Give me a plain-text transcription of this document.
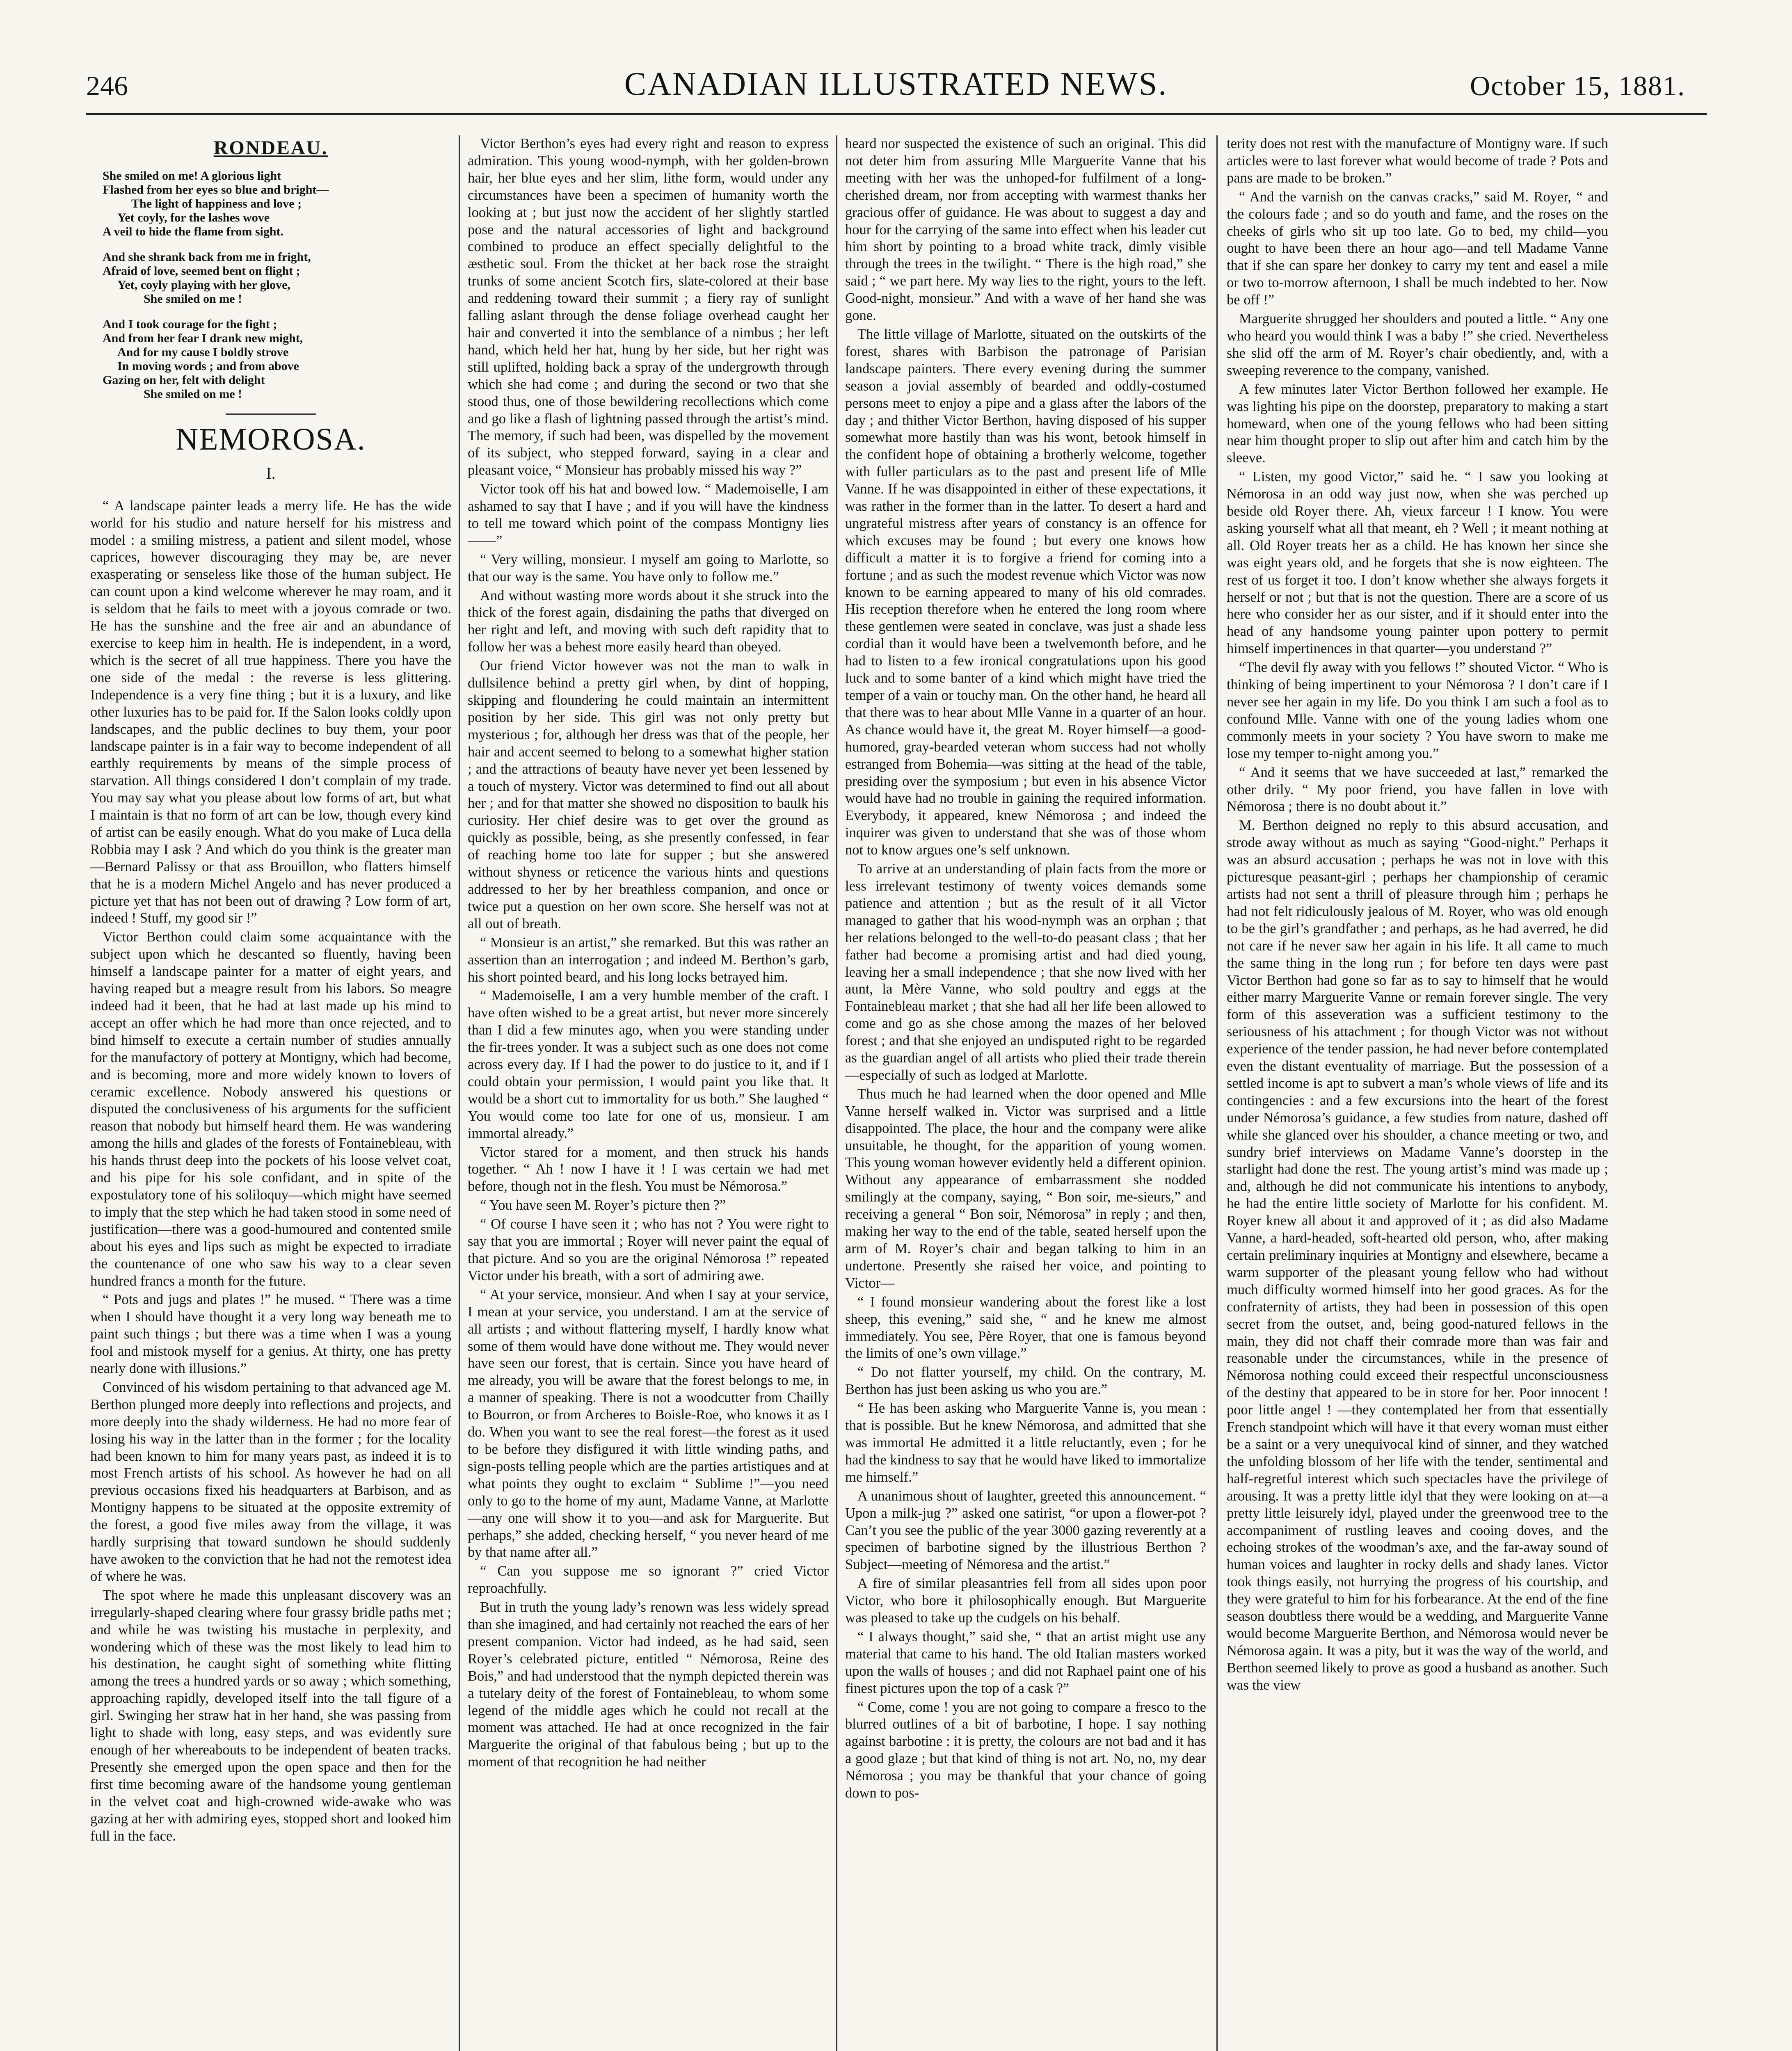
246	CANADIAN ILLUSTRATED NEWS.	October 15, 1881.
RONDEAU.
She smiled on me! A glorious light
Flashed from her eyes so blue and bright—
The light of happiness and love ;
Yet coyly, for the lashes wove
A veil to hide the flame from sight.
And she shrank back from me in fright,
Afraid of love, seemed bent on flight ;
Yet, coyly playing with her glove,
She smiled on me !
And I took courage for the fight ;
And from her fear I drank new might,
And for my cause I boldly strove
In moving words ; and from above
Gazing on her, felt with delight
She smiled on me !
NEMOROSA.
I.

“ A landscape painter leads a merry life. He has the wide world for his studio and nature herself for his mistress and model : a smiling mistress, a patient and silent model, whose caprices, however discouraging they may be, are never exasperating or senseless like those of the human subject. He can count upon a kind welcome wherever he may roam, and it is seldom that he fails to meet with a joyous comrade or two. He has the sunshine and the free air and an abundance of exercise to keep him in health. He is independent, in a word, which is the secret of all true happiness. There you have the one side of the medal : the reverse is less glittering. Independence is a very fine thing ; but it is a luxury, and like other luxuries has to be paid for. If the Salon looks coldly upon landscapes, and the public declines to buy them, your poor landscape painter is in a fair way to become independent of all earthly requirements by means of the simple process of starvation. All things considered I don’t complain of my trade. You may say what you please about low forms of art, but what I maintain is that no form of art can be low, though every kind of artist can be easily enough. What do you make of Luca della Robbia may I ask ? And which do you think is the greater man—Bernard Palissy or that ass Brouillon, who flatters himself that he is a modern Michel Angelo and has never produced a picture yet that has not been out of drawing ? Low form of art, indeed ! Stuff, my good sir !”

Victor Berthon could claim some acquaintance with the subject upon which he descanted so fluently, having been himself a landscape painter for a matter of eight years, and having reaped but a meagre result from his labors. So meagre indeed had it been, that he had at last made up his mind to accept an offer which he had more than once rejected, and to bind himself to execute a certain number of studies annually for the manufactory of pottery at Montigny, which had become, and is becoming, more and more widely known to lovers of ceramic excellence. Nobody answered his questions or disputed the conclusiveness of his arguments for the sufficient reason that nobody but himself heard them. He was wandering among the hills and glades of the forests of Fontainebleau, with his hands thrust deep into the pockets of his loose velvet coat, and his pipe for his sole confidant, and in spite of the expostulatory tone of his soliloquy—which might have seemed to imply that the step which he had taken stood in some need of justification—there was a good-humoured and contented smile about his eyes and lips such as might be expected to irradiate the countenance of one who saw his way to a clear seven hundred francs a month for the future.

“ Pots and jugs and plates !” he mused. “ There was a time when I should have thought it a very long way beneath me to paint such things ; but there was a time when I was a young fool and mistook myself for a genius. At thirty, one has pretty nearly done with illusions.”

Convinced of his wisdom pertaining to that advanced age M. Berthon plunged more deeply into reflections and projects, and more deeply into the shady wilderness. He had no more fear of losing his way in the latter than in the former ; for the locality had been known to him for many years past, as indeed it is to most French artists of his school. As however he had on all previous occasions fixed his headquarters at Barbison, and as Montigny happens to be situated at the opposite extremity of the forest, a good five miles away from the village, it was hardly surprising that toward sundown he should suddenly have awoken to the conviction that he had not the remotest idea of where he was.

The spot where he made this unpleasant discovery was an irregularly-shaped clearing where four grassy bridle paths met ; and while he was twisting his mustache in perplexity, and wondering which of these was the most likely to lead him to his destination, he caught sight of something white flitting among the trees a hundred yards or so away ; which something, approaching rapidly, developed itself into the tall figure of a girl. Swinging her straw hat in her hand, she was passing from light to shade with long, easy steps, and was evidently sure enough of her whereabouts to be independent of beaten tracks. Presently she emerged upon the open space and then for the first time becoming aware of the handsome young gentleman in the velvet coat and high-crowned wide-awake who was gazing at her with admiring eyes, stopped short and looked him full in the face.

Victor Berthon’s eyes had every right and reason to express admiration. This young wood-nymph, with her golden-brown hair, her blue eyes and her slim, lithe form, would under any circumstances have been a specimen of humanity worth the looking at ; but just now the accident of her slightly startled pose and the natural accessories of light and background combined to produce an effect specially delightful to the æsthetic soul. From the thicket at her back rose the straight trunks of some ancient Scotch firs, slate-colored at their base and reddening toward their summit ; a fiery ray of sunlight falling aslant through the dense foliage overhead caught her hair and converted it into the semblance of a nimbus ; her left hand, which held her hat, hung by her side, but her right was still uplifted, holding back a spray of the undergrowth through which she had come ; and during the second or two that she stood thus, one of those bewildering recollections which come and go like a flash of lightning passed through the artist’s mind. The memory, if such had been, was dispelled by the movement of its subject, who stepped forward, saying in a clear and pleasant voice, “ Monsieur has probably missed his way ?”

Victor took off his hat and bowed low. “ Mademoiselle, I am ashamed to say that I have ; and if you will have the kindness to tell me toward which point of the compass Montigny lies——”

“ Very willing, monsieur. I myself am going to Marlotte, so that our way is the same. You have only to follow me.”

And without wasting more words about it she struck into the thick of the forest again, disdaining the paths that diverged on her right and left, and moving with such deft rapidity that to follow her was a behest more easily heard than obeyed.

Our friend Victor however was not the man to walk in dullsilence behind a pretty girl when, by dint of hopping, skipping and floundering he could maintain an intermittent position by her side. This girl was not only pretty but mysterious ; for, although her dress was that of the people, her hair and accent seemed to belong to a somewhat higher station ; and the attractions of beauty have never yet been lessened by a touch of mystery. Victor was determined to find out all about her ; and for that matter she showed no disposition to baulk his curiosity. Her chief desire was to get over the ground as quickly as possible, being, as she presently confessed, in fear of reaching home too late for supper ; but she answered without shyness or reticence the various hints and questions addressed to her by her breathless companion, and once or twice put a question on her own score. She herself was not at all out of breath.

“ Monsieur is an artist,” she remarked. But this was rather an assertion than an interrogation ; and indeed M. Berthon’s garb, his short pointed beard, and his long locks betrayed him.

“ Mademoiselle, I am a very humble member of the craft. I have often wished to be a great artist, but never more sincerely than I did a few minutes ago, when you were standing under the fir-trees yonder. It was a subject such as one does not come across every day. If I had the power to do justice to it, and if I could obtain your permission, I would paint you like that. It would be a short cut to immortality for us both.” She laughed “ You would come too late for one of us, monsieur. I am immortal already.”

Victor stared for a moment, and then struck his hands together. “ Ah ! now I have it ! I was certain we had met before, though not in the flesh. You must be Némorosa.”

“ You have seen M. Royer’s picture then ?”

“ Of course I have seen it ; who has not ? You were right to say that you are immortal ; Royer will never paint the equal of that picture. And so you are the original Némorosa !” repeated Victor under his breath, with a sort of admiring awe.

“ At your service, monsieur. And when I say at your service, I mean at your service, you understand. I am at the service of all artists ; and without flattering myself, I hardly know what some of them would have done without me. They would never have seen our forest, that is certain. Since you have heard of me already, you will be aware that the forest belongs to me, in a manner of speaking. There is not a woodcutter from Chailly to Bourron, or from Archeres to Boisle-Roe, who knows it as I do. When you want to see the real forest—the forest as it used to be before they disfigured it with little winding paths, and sign-posts telling people which are the parties artistiques and at what points they ought to exclaim “ Sublime !”—you need only to go to the home of my aunt, Madame Vanne, at Marlotte—any one will show it to you—and ask for Marguerite. But perhaps,” she added, checking herself, “ you never heard of me by that name after all.”

“ Can you suppose me so ignorant ?” cried Victor reproachfully.

But in truth the young lady’s renown was less widely spread than she imagined, and had certainly not reached the ears of her present companion. Victor had indeed, as he had said, seen Royer’s celebrated picture, entitled “ Némorosa, Reine des Bois,” and had understood that the nymph depicted therein was a tutelary deity of the forest of Fontainebleau, to whom some legend of the middle ages which he could not recall at the moment was attached. He had at once recognized in the fair Marguerite the original of that fabulous being ; but up to the moment of that recognition he had neither

heard nor suspected the existence of such an original. This did not deter him from assuring Mlle Marguerite Vanne that his meeting with her was the unhoped-for fulfilment of a long-cherished dream, nor from accepting with warmest thanks her gracious offer of guidance. He was about to suggest a day and hour for the carrying of the same into effect when his leader cut him short by pointing to a broad white track, dimly visible through the trees in the twilight. “ There is the high road,” she said ; “ we part here. My way lies to the right, yours to the left. Good-night, monsieur.” And with a wave of her hand she was gone.

The little village of Marlotte, situated on the outskirts of the forest, shares with Barbison the patronage of Parisian landscape painters. There every evening during the summer season a jovial assembly of bearded and oddly-costumed persons meet to enjoy a pipe and a glass after the labors of the day ; and thither Victor Berthon, having disposed of his supper somewhat more hastily than was his wont, betook himself in the confident hope of obtaining a brotherly welcome, together with fuller particulars as to the past and present life of Mlle Vanne. If he was disappointed in either of these expectations, it was rather in the former than in the latter. To desert a hard and ungrateful mistress after years of constancy is an offence for which excuses may be found ; but every one knows how difficult a matter it is to forgive a friend for coming into a fortune ; and as such the modest revenue which Victor was now known to be earning appeared to many of his old comrades. His reception therefore when he entered the long room where these gentlemen were seated in conclave, was just a shade less cordial than it would have been a twelvemonth before, and he had to listen to a few ironical congratulations upon his good luck and to some banter of a kind which might have tried the temper of a vain or touchy man. On the other hand, he heard all that there was to hear about Mlle Vanne in a quarter of an hour. As chance would have it, the great M. Royer himself—a good-humored, gray-bearded veteran whom success had not wholly estranged from Bohemia—was sitting at the head of the table, presiding over the symposium ; but even in his absence Victor would have had no trouble in gaining the required information. Everybody, it appeared, knew Némorosa ; and indeed the inquirer was given to understand that she was of those whom not to know argues one’s self unknown.

To arrive at an understanding of plain facts from the more or less irrelevant testimony of twenty voices demands some patience and attention ; but as the result of it all Victor managed to gather that his wood-nymph was an orphan ; that her relations belonged to the well-to-do peasant class ; that her father had become a promising artist and had died young, leaving her a small independence ; that she now lived with her aunt, la Mère Vanne, who sold poultry and eggs at the Fontainebleau market ; that she had all her life been allowed to come and go as she chose among the mazes of her beloved forest ; and that she enjoyed an undisputed right to be regarded as the guardian angel of all artists who plied their trade therein—especially of such as lodged at Marlotte.

Thus much he had learned when the door opened and Mlle Vanne herself walked in. Victor was surprised and a little disappointed. The place, the hour and the company were alike unsuitable, he thought, for the apparition of young women. This young woman however evidently held a different opinion. Without any appearance of embarrassment she nodded smilingly at the company, saying, “ Bon soir, me-sieurs,” and receiving a general “ Bon soir, Némorosa” in reply ; and then, making her way to the end of the table, seated herself upon the arm of M. Royer’s chair and began talking to him in an undertone. Presently she raised her voice, and pointing to Victor—

“ I found monsieur wandering about the forest like a lost sheep, this evening,” said she, “ and he knew me almost immediately. You see, Père Royer, that one is famous beyond the limits of one’s own village.”

“ Do not flatter yourself, my child. On the contrary, M. Berthon has just been asking us who you are.”

“ He has been asking who Marguerite Vanne is, you mean : that is possible. But he knew Némorosa, and admitted that she was immortal He admitted it a little reluctantly, even ; for he had the kindness to say that he would have liked to immortalize me himself.”

A unanimous shout of laughter, greeted this announcement. “ Upon a milk-jug ?” asked one satirist, “or upon a flower-pot ? Can’t you see the public of the year 3000 gazing reverently at a specimen of barbotine signed by the illustrious Berthon ? Subject—meeting of Némoresa and the artist.”

A fire of similar pleasantries fell from all sides upon poor Victor, who bore it philosophically enough. But Marguerite was pleased to take up the cudgels on his behalf.

“ I always thought,” said she, “ that an artist might use any material that came to his hand. The old Italian masters worked upon the walls of houses ; and did not Raphael paint one of his finest pictures upon the top of a cask ?”

“ Come, come ! you are not going to compare a fresco to the blurred outlines of a bit of barbotine, I hope. I say nothing against barbotine : it is pretty, the colours are not bad and it has a good glaze ; but that kind of thing is not art. No, no, my dear Némorosa ; you may be thankful that your chance of going down to pos-

terity does not rest with the manufacture of Montigny ware. If such articles were to last forever what would become of trade ? Pots and pans are made to be broken.”

“ And the varnish on the canvas cracks,” said M. Royer, “ and the colours fade ; and so do youth and fame, and the roses on the cheeks of girls who sit up too late. Go to bed, my child—you ought to have been there an hour ago—and tell Madame Vanne that if she can spare her donkey to carry my tent and easel a mile or two to-morrow afternoon, I shall be much indebted to her. Now be off !”

Marguerite shrugged her shoulders and pouted a little. “ Any one who heard you would think I was a baby !” she cried. Nevertheless she slid off the arm of M. Royer’s chair obediently, and, with a sweeping reverence to the company, vanished.

A few minutes later Victor Berthon followed her example. He was lighting his pipe on the doorstep, preparatory to making a start homeward, when one of the young fellows who had been sitting near him thought proper to slip out after him and catch him by the sleeve.

“ Listen, my good Victor,” said he. “ I saw you looking at Némorosa in an odd way just now, when she was perched up beside old Royer there. Ah, vieux farceur ! I know. You were asking yourself what all that meant, eh ? Well ; it meant nothing at all. Old Royer treats her as a child. He has known her since she was eight years old, and he forgets that she is now eighteen. The rest of us forget it too. I don’t know whether she always forgets it herself or not ; but that is not the question. There are a score of us here who consider her as our sister, and if it should enter into the head of any handsome young painter upon pottery to permit himself impertinences in that quarter—you understand ?”

“The devil fly away with you fellows !” shouted Victor. “ Who is thinking of being impertinent to your Némorosa ? I don’t care if I never see her again in my life. Do you think I am such a fool as to confound Mlle. Vanne with one of the young ladies whom one commonly meets in your society ? You have sworn to make me lose my temper to-night among you.”

“ And it seems that we have succeeded at last,” remarked the other drily. “ My poor friend, you have fallen in love with Némorosa ; there is no doubt about it.”

M. Berthon deigned no reply to this absurd accusation, and strode away without as much as saying “Good-night.” Perhaps it was an absurd accusation ; perhaps he was not in love with this picturesque peasant-girl ; perhaps her championship of ceramic artists had not sent a thrill of pleasure through him ; perhaps he had not felt ridiculously jealous of M. Royer, who was old enough to be the girl’s grandfather ; and perhaps, as he had averred, he did not care if he never saw her again in his life. It all came to much the same thing in the long run ; for before ten days were past Victor Berthon had gone so far as to say to himself that he would either marry Marguerite Vanne or remain forever single. The very form of this asseveration was a sufficient testimony to the seriousness of his attachment ; for though Victor was not without experience of the tender passion, he had never before contemplated even the distant eventuality of marriage. But the possession of a settled income is apt to subvert a man’s whole views of life and its contingencies : and a few excursions into the heart of the forest under Némorosa’s guidance, a few studies from nature, dashed off while she glanced over his shoulder, a chance meeting or two, and sundry brief interviews on Madame Vanne’s doorstep in the starlight had done the rest. The young artist’s mind was made up ; and, although he did not communicate his intentions to anybody, he had the entire little society of Marlotte for his confident. M. Royer knew all about it and approved of it ; as did also Madame Vanne, a hard-headed, soft-hearted old person, who, after making certain preliminary inquiries at Montigny and elsewhere, became a warm supporter of the pleasant young fellow who had without much difficulty wormed himself into her good graces. As for the confraternity of artists, they had been in possession of this open secret from the outset, and, being good-natured fellows in the main, they did not chaff their comrade more than was fair and reasonable under the circumstances, while in the presence of Némorosa nothing could exceed their respectful unconsciousness of the destiny that appeared to be in store for her. Poor innocent ! poor little angel ! —they contemplated her from that essentially French standpoint which will have it that every woman must either be a saint or a very unequivocal kind of sinner, and they watched the unfolding blossom of her life with the tender, sentimental and half-regretful interest which such spectacles have the privilege of arousing. It was a pretty little idyl that they were looking on at—a pretty little leisurely idyl, played under the greenwood tree to the accompaniment of rustling leaves and cooing doves, and the echoing strokes of the woodman’s axe, and the far-away sound of human voices and laughter in rocky dells and shady lanes. Victor took things easily, not hurrying the progress of his courtship, and they were grateful to him for his forbearance. At the end of the fine season doubtless there would be a wedding, and Marguerite Vanne would become Marguerite Berthon, and Némorosa would never be Némorosa again. It was a pity, but it was the way of the world, and Berthon seemed likely to prove as good a husband as another. Such was the view
